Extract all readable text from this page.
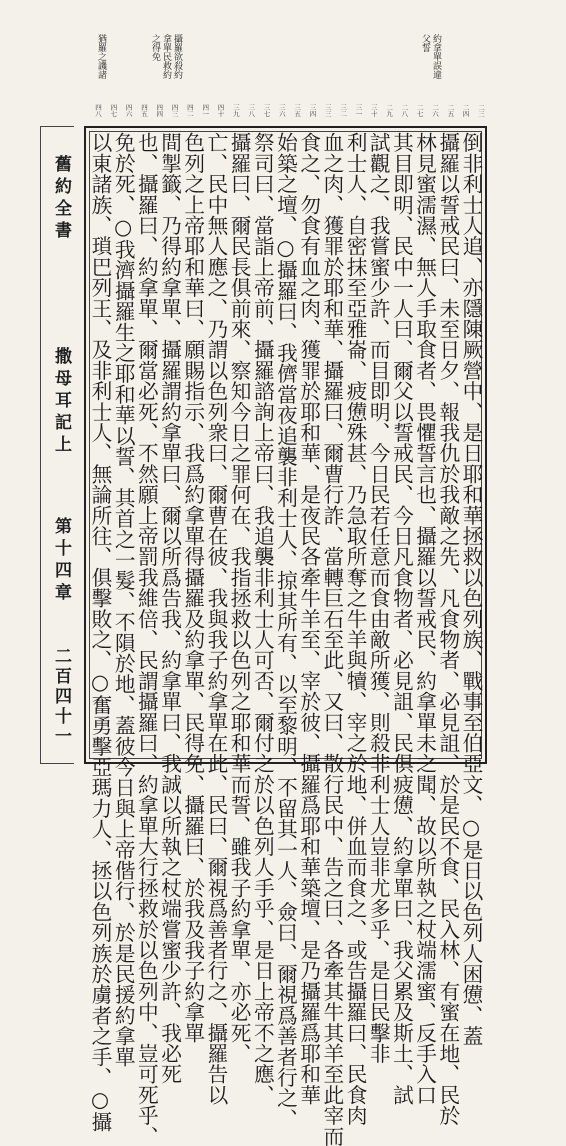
猶羅之譏諸	攝羅欲殺約
拿單民救約
之得免	約拿單誤違
父誓
四八 四七 四六 四五 四四 四三 四二 四一 四十 三九 三八 三七 三六 三五 三四 三三 三二 三一 三十 二九 二八 二七 二六 二五 二四 二三
倒非利士人追、亦隱陳厥營中、是日耶和華拯救以色列族、戰事至伯亞文、○是日以色列人困憊、蓋
攝羅以誓戒民曰、未至日夕、報我仇於我敵之先、凡食物者、必見詛、於是民不食、民入林、有蜜在地、民於
林見蜜濡濕、無人手取食者、畏懼誓言也、攝羅以誓戒民、約拿單未之聞、故以所執之杖端濡蜜、反手入口
其目即明、民中一人曰、爾父以誓戒民、今日凡食物者、必見詛、民俱疲憊、約拿單曰、我父累及斯土、試
試觀之、我嘗蜜少許、而目即明、今日民若任意而食由敵所獲、則殺非利士人豈非尤多乎、是日民擊非
利士人、自密抹至亞雅崙、疲憊殊甚、乃急取所奪之牛羊與犢、宰之於地、併血而食之、或告攝羅曰、民食肉
血之肉、獲罪於耶和華、攝羅曰、爾曹行詐、當轉巨石至此、又曰、散行民中、告之曰、各牽其牛其羊至此宰而
食之、勿食有血之肉、獲罪於耶和華、是夜民各牽牛羊至、宰於彼、攝羅爲耶和華築壇、是乃攝羅爲耶和華
始築之壇、○攝羅曰、我儕當夜追襲非利士人、掠其所有、以至黎明、不留其一人、僉曰、爾視爲善者行之、
祭司曰、當詣上帝前、攝羅諮詢上帝曰、我追襲非利士人可否、爾付之於以色列人手乎、是日上帝不之應、
攝羅曰、爾民長俱前來、察知今日之罪何在、我指拯救以色列之耶和華而誓、雖我子約拿單、亦必死、
亡、民中無人應之、乃謂以色列衆曰、爾曹在彼、我與我子約拿單在此、民曰、爾視爲善者行之、攝羅告以
色列之上帝耶和華曰、願賜指示、我爲約拿單得攝羅及約拿單、民得免、攝羅曰、於我及我子約拿單
間掣籤、乃得約拿單、攝羅謂約拿單曰、爾以所爲告我、約拿單曰、我誠以所執之杖端嘗蜜少許、我必死
也、攝羅曰、約拿單、爾當必死、不然願上帝罰我維倍、民謂攝羅曰、約拿單大行拯救於以色列中、豈可死乎、
免於死、○我濟攝羅生之耶和華以誓、其首之一髮、不隕於地、蓋彼今日與上帝偕行、於是民援約拿單
以東諸族、瑣巴列王、及非利士人、無論所往、俱擊敗之、○奮勇擊亞瑪力人、拯以色列族於虜者之手、○攝
舊約全書
撒母耳記上
第十四章
二百四十一
